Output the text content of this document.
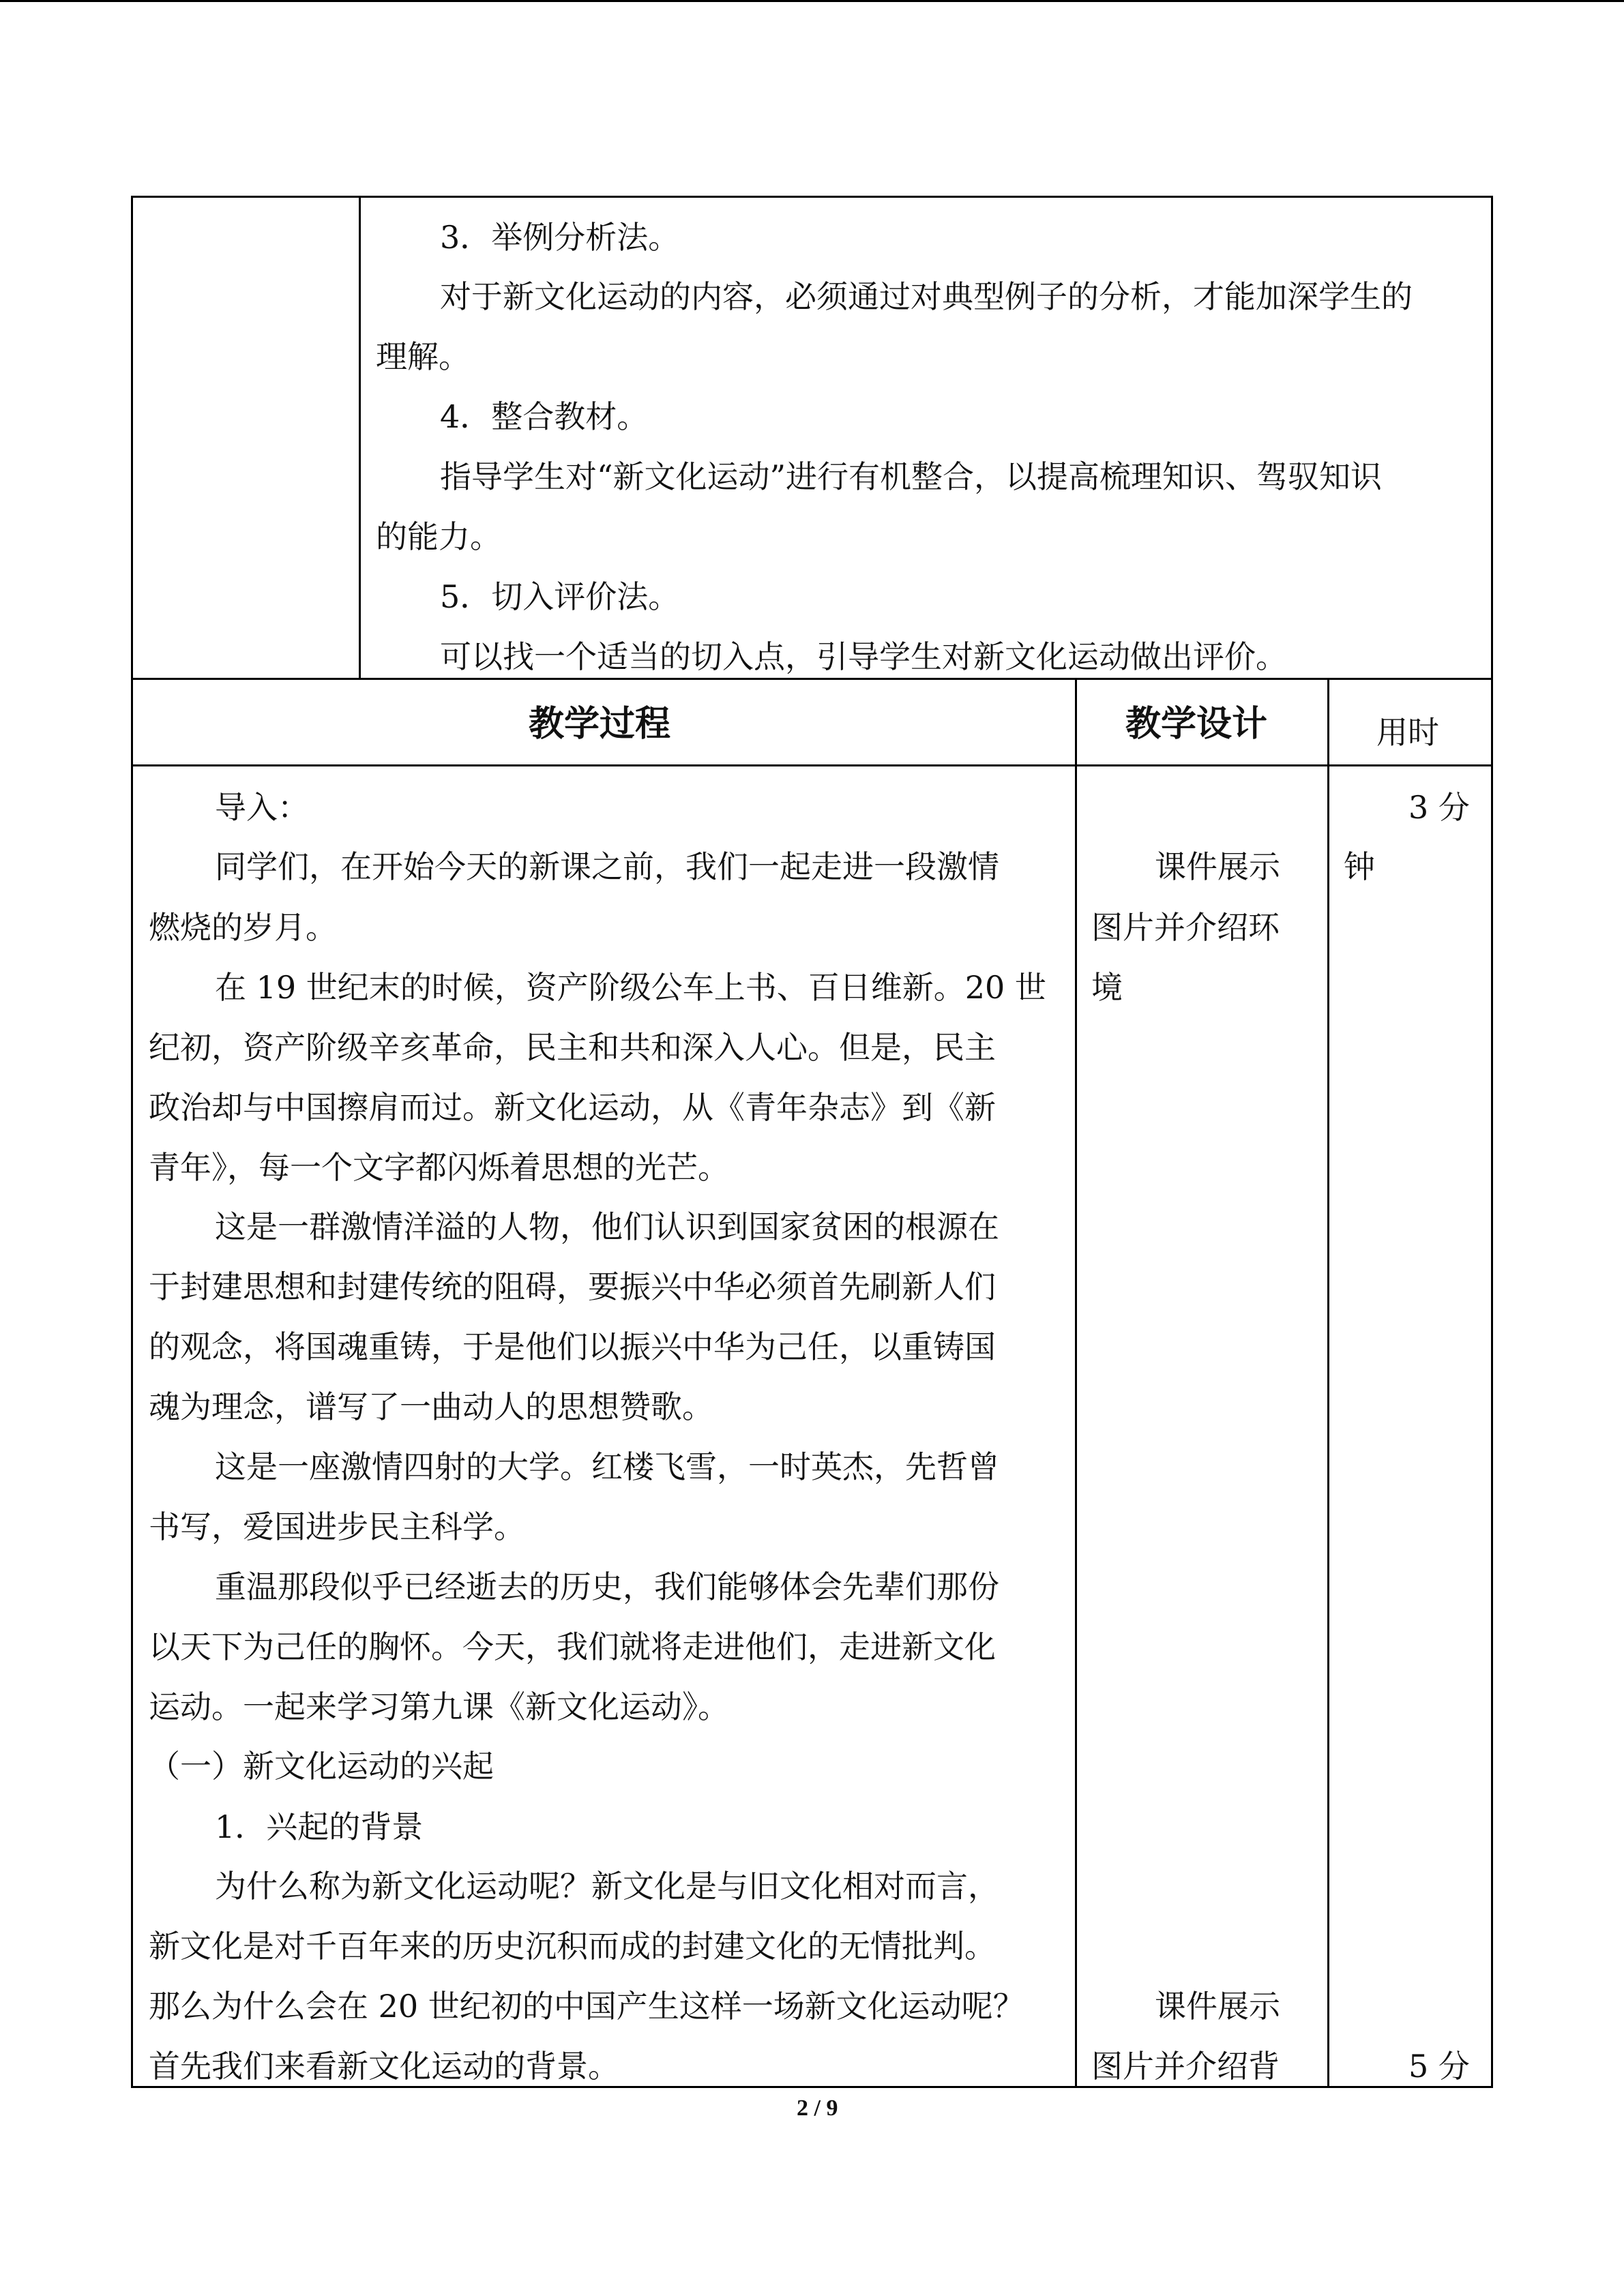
3．举例分析法。

对于新文化运动的内容，必须通过对典型例子的分析，才能加深学生的

理解。

4．整合教材。

指导学生对“新文化运动”进行有机整合，以提高梳理知识、驾驭知识

的能力。

5．切入评价法。

可以找一个适当的切入点，引导学生对新文化运动做出评价。

教学过程	教学设计	用时

导入：

同学们，在开始今天的新课之前，我们一起走进一段激情

燃烧的岁月。

在 19 世纪末的时候，资产阶级公车上书、百日维新。20 世

纪初，资产阶级辛亥革命，民主和共和深入人心。但是，民主

政治却与中国擦肩而过。新文化运动，从《青年杂志》到《新

青年》，每一个文字都闪烁着思想的光芒。

这是一群激情洋溢的人物，他们认识到国家贫困的根源在

于封建思想和封建传统的阻碍，要振兴中华必须首先刷新人们

的观念，将国魂重铸，于是他们以振兴中华为己任，以重铸国

魂为理念，谱写了一曲动人的思想赞歌。

这是一座激情四射的大学。红楼飞雪，一时英杰，先哲曾

书写，爱国进步民主科学。

重温那段似乎已经逝去的历史，我们能够体会先辈们那份

以天下为己任的胸怀。今天，我们就将走进他们，走进新文化

运动。一起来学习第九课《新文化运动》。

（一）新文化运动的兴起

1．兴起的背景

为什么称为新文化运动呢？新文化是与旧文化相对而言，

新文化是对千百年来的历史沉积而成的封建文化的无情批判。

那么为什么会在 20 世纪初的中国产生这样一场新文化运动呢？

首先我们来看新文化运动的背景。

课件展示

图片并介绍环

境

课件展示

图片并介绍背

3 分

钟

5 分

2 / 9
